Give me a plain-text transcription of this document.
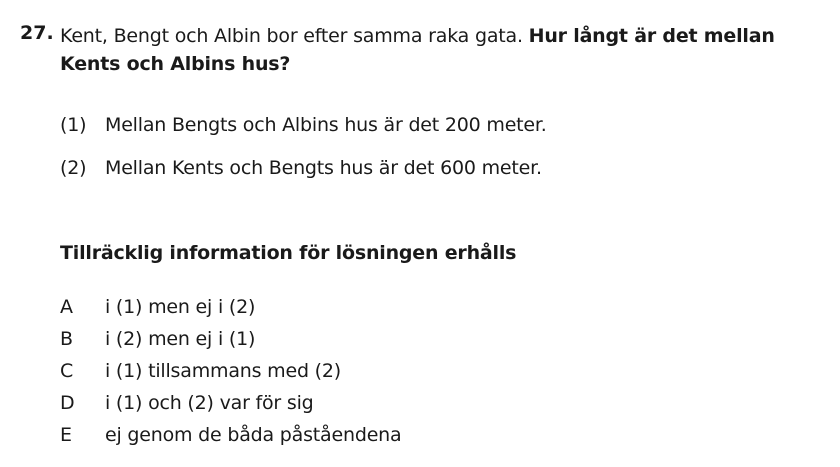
27. Kent, Bengt och Albin bor efter samma raka gata. Hur långt är det mellan Kents och Albins hus?
(1) Mellan Bengts och Albins hus är det 200 meter.
(2) Mellan Kents och Bengts hus är det 600 meter.
Tillräcklig information för lösningen erhålls
A i (1) men ej i (2)
B i (2) men ej i (1)
C i (1) tillsammans med (2)
D i (1) och (2) var för sig
E ej genom de båda påståendena
